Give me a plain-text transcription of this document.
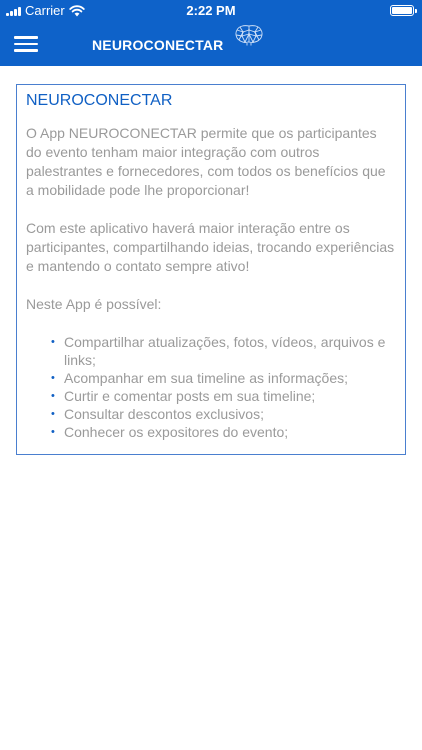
Carrier	2:22 PM
NEUROCONECTAR
NEUROCONECTAR

O App NEUROCONECTAR permite que os participantes do evento tenham maior integração com outros palestrantes e fornecedores, com todos os benefícios que a mobilidade pode lhe proporcionar!

Com este aplicativo haverá maior interação entre os participantes, compartilhando ideias, trocando experiências e mantendo o contato sempre ativo!

Neste App é possível:

• Compartilhar atualizações, fotos, vídeos, arquivos e links;
• Acompanhar em sua timeline as informações;
• Curtir e comentar posts em sua timeline;
• Consultar descontos exclusivos;
• Conhecer os expositores do evento;
